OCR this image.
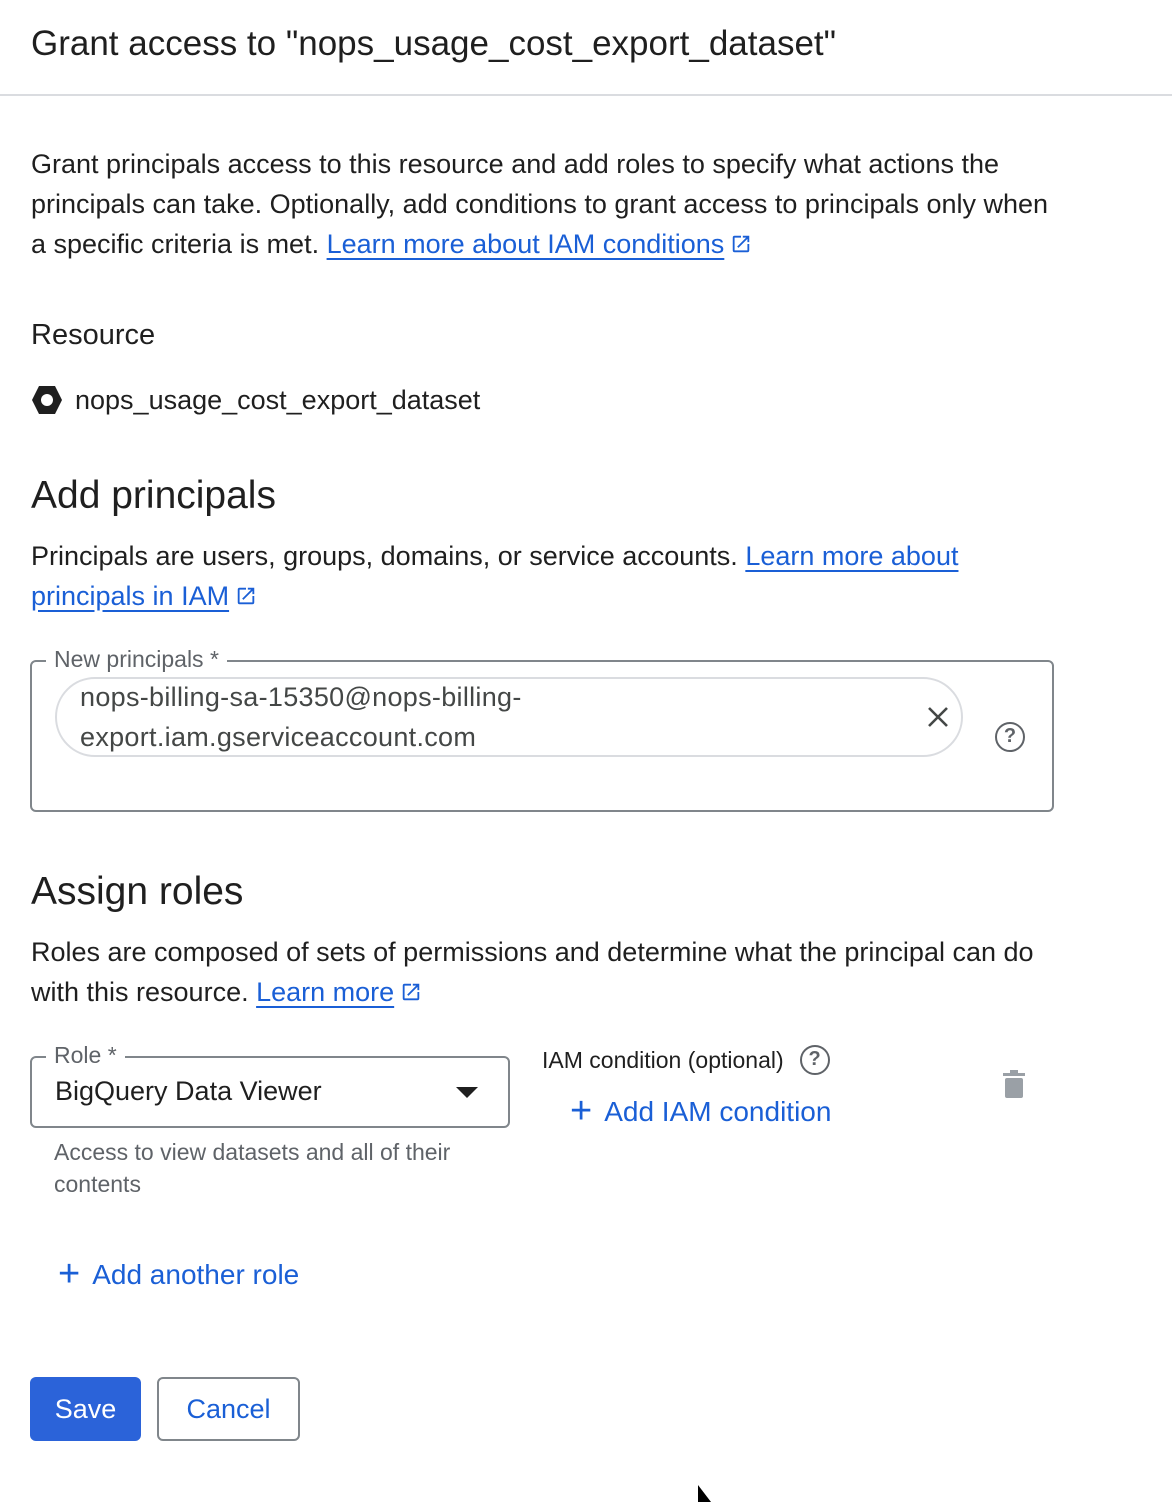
Grant access to "nops_usage_cost_export_dataset"
Grant principals access to this resource and add roles to specify what actions the principals can take. Optionally, add conditions to grant access to principals only when a specific criteria is met. Learn more about IAM conditions
Resource
nops_usage_cost_export_dataset
Add principals
Principals are users, groups, domains, or service accounts. Learn more about principals in IAM
New principals *
nops-billing-sa-15350@nops-billing-
export.iam.gserviceaccount.com	?
Assign roles
Roles are composed of sets of permissions and determine what the principal can do with this resource. Learn more
Role *
BigQuery Data Viewer
Access to view datasets and all of their contents
IAM condition (optional)	?
+ Add IAM condition
+ Add another role
Save	Cancel
